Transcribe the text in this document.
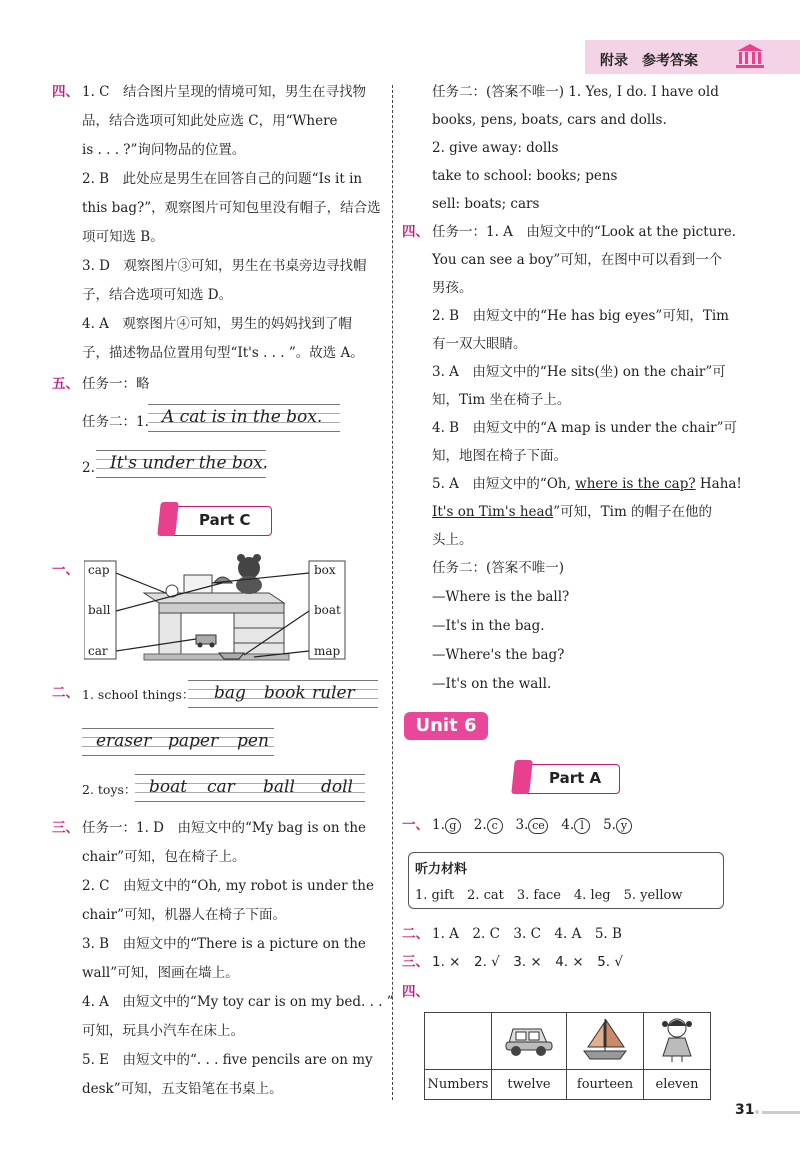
附录　参考答案
四、 1. C　结合图片呈现的情境可知，男生在寻找物
品，结合选项可知此处应选 C，用“Where
is . . . ?”询问物品的位置。
2. B　此处应是男生在回答自己的问题“Is it in
this bag?”，观察图片可知包里没有帽子，结合选
项可知选 B。
3. D　观察图片③可知，男生在书桌旁边寻找帽
子，结合选项可知选 D。
4. A　观察图片④可知，男生的妈妈找到了帽
子，描述物品位置用句型“It's . . . ”。故选 A。
五、 任务一：略
任务二：1. A cat is in the box.
2. It's under the box.
Part C
一、 cap
ball
car
box
boat
map
二、 1. school things： bag book ruler
eraser paper pen
2. toys： boat car ball doll
三、 任务一：1. D　由短文中的“My bag is on the
chair”可知，包在椅子上。
2. C　由短文中的“Oh, my robot is under the
chair”可知，机器人在椅子下面。
3. B　由短文中的“There is a picture on the
wall”可知，图画在墙上。
4. A　由短文中的“My toy car is on my bed. . . ”
可知，玩具小汽车在床上。
5. E　由短文中的“. . . five pencils are on my
desk”可知，五支铅笔在书桌上。
任务二：(答案不唯一) 1. Yes, I do. I have old
books, pens, boats, cars and dolls.
2. give away: dolls
take to school: books; pens
sell: boats; cars
四、 任务一：1. A　由短文中的“Look at the picture.
You can see a boy”可知，在图中可以看到一个
男孩。
2. B　由短文中的“He has big eyes”可知，Tim
有一双大眼睛。
3. A　由短文中的“He sits(坐) on the chair”可
知，Tim 坐在椅子上。
4. B　由短文中的“A map is under the chair”可
知，地图在椅子下面。
5. A　由短文中的“Oh, where is the cap? Haha!
It's on Tim's head”可知，Tim 的帽子在他的
头上。
任务二：(答案不唯一)
—Where is the ball?
—It's in the bag.
—Where's the bag?
—It's on the wall.
Unit 6
Part A
一、 1. g 2. c 3. ce 4. l 5. y
听力材料
1. gift　2. cat　3. face　4. leg　5. yellow
二、 1. A　2. C　3. C　4. A　5. B
三、 1. ×　2. √　3. ×　4. ×　5. √
四、

Numbers	twelve	fourteen	eleven
31
